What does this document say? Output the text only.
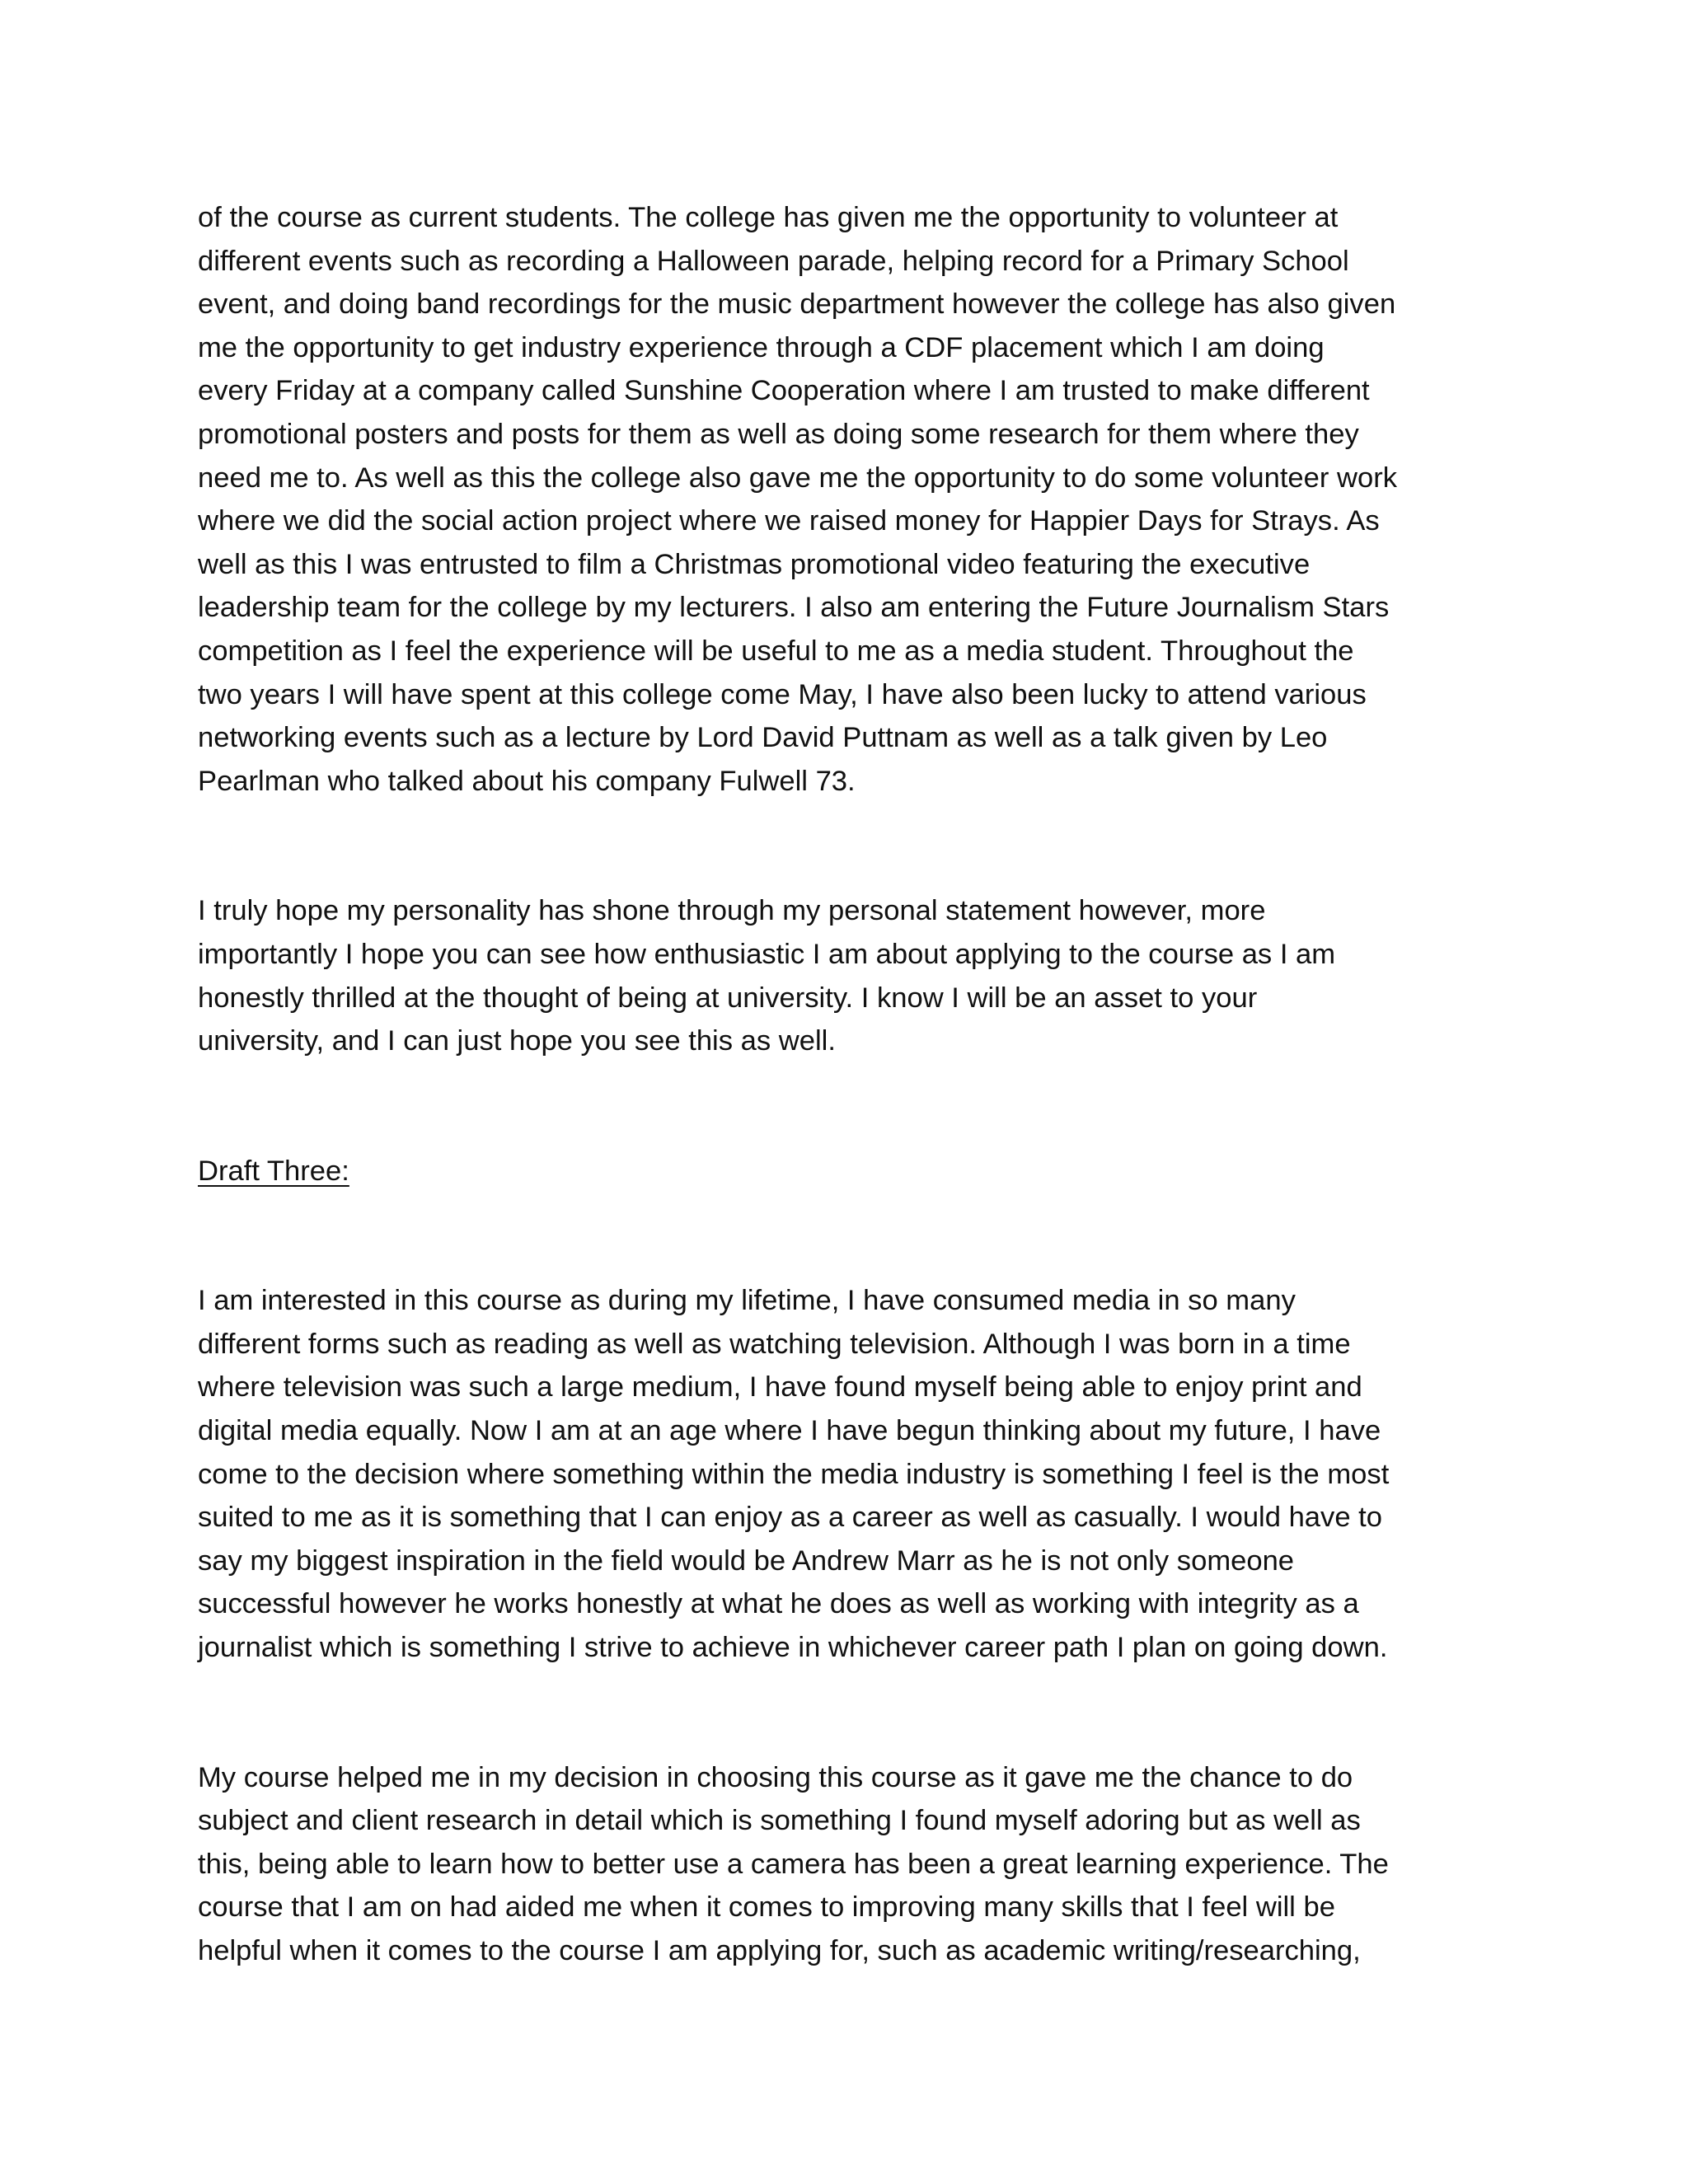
of the course as current students. The college has given me the opportunity to volunteer at
different events such as recording a Halloween parade, helping record for a Primary School
event, and doing band recordings for the music department however the college has also given
me the opportunity to get industry experience through a CDF placement which I am doing
every Friday at a company called Sunshine Cooperation where I am trusted to make different
promotional posters and posts for them as well as doing some research for them where they
need me to. As well as this the college also gave me the opportunity to do some volunteer work
where we did the social action project where we raised money for Happier Days for Strays. As
well as this I was entrusted to film a Christmas promotional video featuring the executive
leadership team for the college by my lecturers. I also am entering the Future Journalism Stars
competition as I feel the experience will be useful to me as a media student. Throughout the
two years I will have spent at this college come May, I have also been lucky to attend various
networking events such as a lecture by Lord David Puttnam as well as a talk given by Leo
Pearlman who talked about his company Fulwell 73.
I truly hope my personality has shone through my personal statement however, more
importantly I hope you can see how enthusiastic I am about applying to the course as I am
honestly thrilled at the thought of being at university. I know I will be an asset to your
university, and I can just hope you see this as well.
Draft Three:
I am interested in this course as during my lifetime, I have consumed media in so many
different forms such as reading as well as watching television. Although I was born in a time
where television was such a large medium, I have found myself being able to enjoy print and
digital media equally. Now I am at an age where I have begun thinking about my future, I have
come to the decision where something within the media industry is something I feel is the most
suited to me as it is something that I can enjoy as a career as well as casually. I would have to
say my biggest inspiration in the field would be Andrew Marr as he is not only someone
successful however he works honestly at what he does as well as working with integrity as a
journalist which is something I strive to achieve in whichever career path I plan on going down.
My course helped me in my decision in choosing this course as it gave me the chance to do
subject and client research in detail which is something I found myself adoring but as well as
this, being able to learn how to better use a camera has been a great learning experience. The
course that I am on had aided me when it comes to improving many skills that I feel will be
helpful when it comes to the course I am applying for, such as academic writing/researching,
